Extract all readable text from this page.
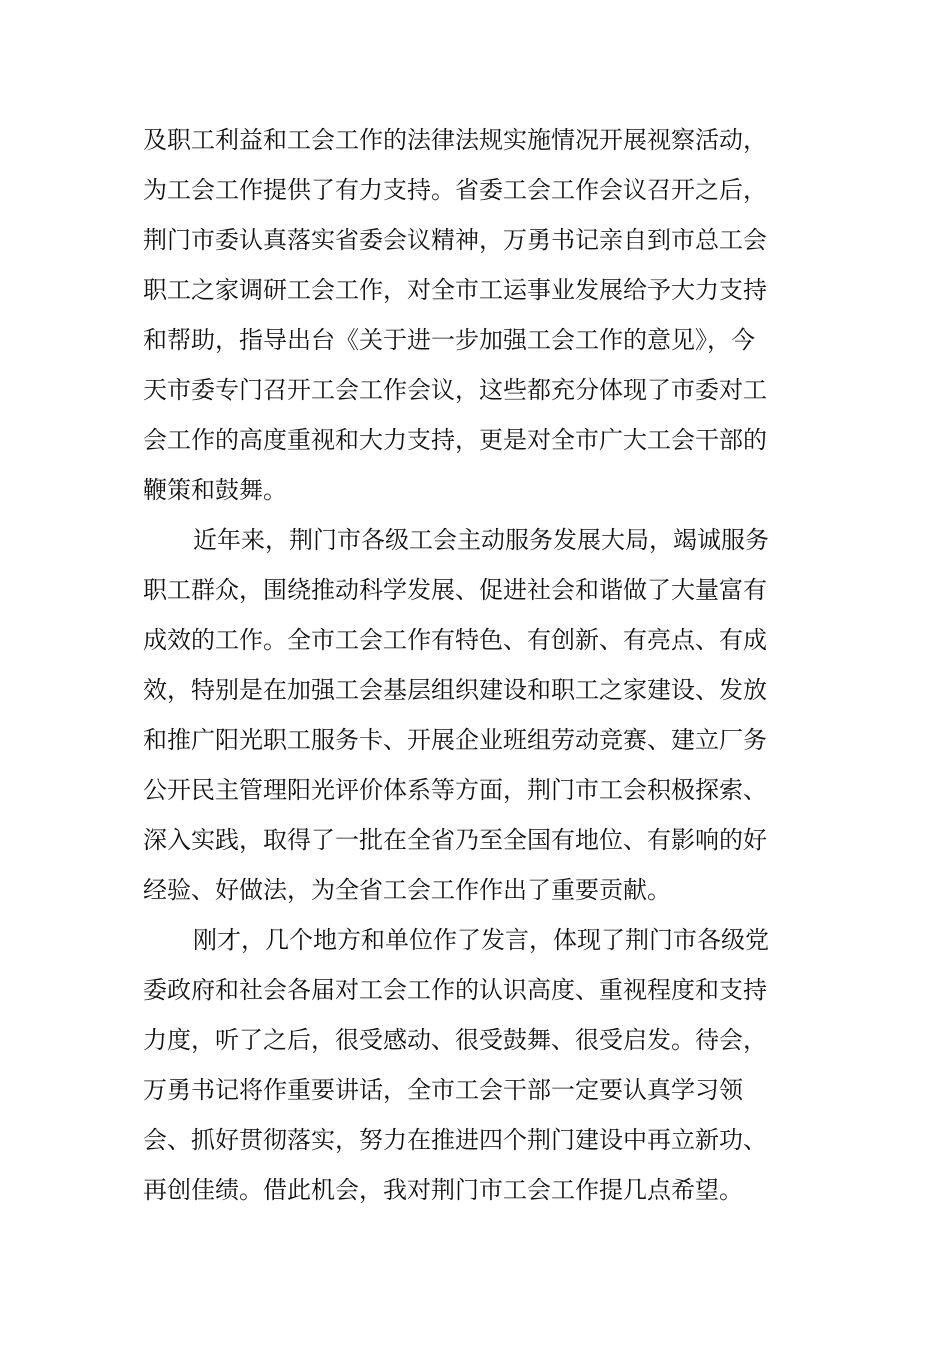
及职工利益和工会工作的法律法规实施情况开展视察活动，
为工会工作提供了有力支持。省委工会工作会议召开之后，
荆门市委认真落实省委会议精神，万勇书记亲自到市总工会
职工之家调研工会工作，对全市工运事业发展给予大力支持
和帮助，指导出台《关于进一步加强工会工作的意见》，今
天市委专门召开工会工作会议，这些都充分体现了市委对工
会工作的高度重视和大力支持，更是对全市广大工会干部的
鞭策和鼓舞。
近年来，荆门市各级工会主动服务发展大局，竭诚服务
职工群众，围绕推动科学发展、促进社会和谐做了大量富有
成效的工作。全市工会工作有特色、有创新、有亮点、有成
效，特别是在加强工会基层组织建设和职工之家建设、发放
和推广阳光职工服务卡、开展企业班组劳动竞赛、建立厂务
公开民主管理阳光评价体系等方面，荆门市工会积极探索、
深入实践，取得了一批在全省乃至全国有地位、有影响的好
经验、好做法，为全省工会工作作出了重要贡献。
刚才，几个地方和单位作了发言，体现了荆门市各级党
委政府和社会各届对工会工作的认识高度、重视程度和支持
力度，听了之后，很受感动、很受鼓舞、很受启发。待会，
万勇书记将作重要讲话，全市工会干部一定要认真学习领
会、抓好贯彻落实，努力在推进四个荆门建设中再立新功、
再创佳绩。借此机会，我对荆门市工会工作提几点希望。
